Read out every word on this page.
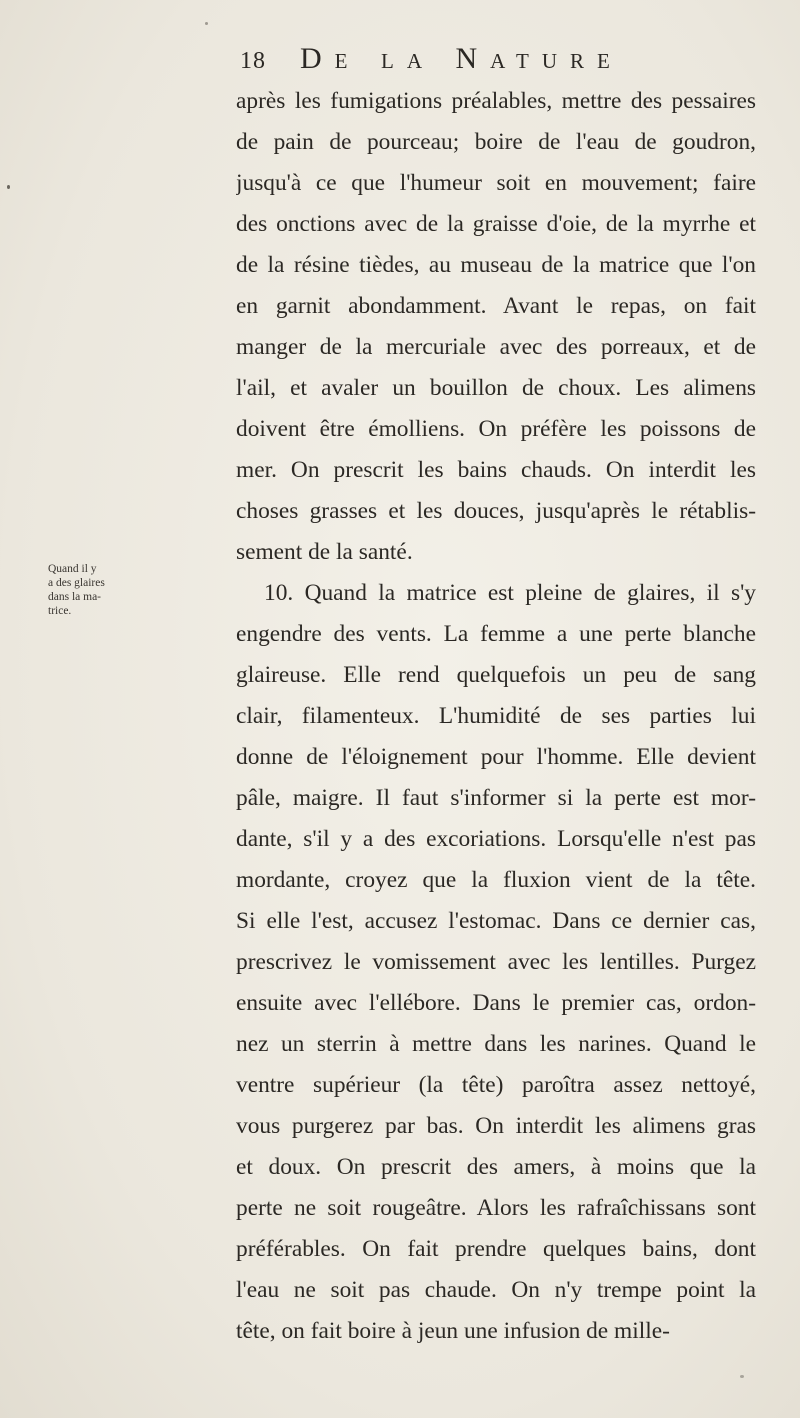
18 De la Nature
Quand il y
a des glaires
dans la ma-
trice.
après les fumigations préalables, mettre des pessaires
de pain de pourceau; boire de l'eau de goudron,
jusqu'à ce que l'humeur soit en mouvement; faire
des onctions avec de la graisse d'oie, de la myrrhe et
de la résine tièdes, au museau de la matrice que l'on
en garnit abondamment. Avant le repas, on fait
manger de la mercuriale avec des porreaux, et de
l'ail, et avaler un bouillon de choux. Les alimens
doivent être émolliens. On préfère les poissons de
mer. On prescrit les bains chauds. On interdit les
choses grasses et les douces, jusqu'après le rétablis-
sement de la santé.
10. Quand la matrice est pleine de glaires, il s'y
engendre des vents. La femme a une perte blanche
glaireuse. Elle rend quelquefois un peu de sang
clair, filamenteux. L'humidité de ses parties lui
donne de l'éloignement pour l'homme. Elle devient
pâle, maigre. Il faut s'informer si la perte est mor-
dante, s'il y a des excoriations. Lorsqu'elle n'est pas
mordante, croyez que la fluxion vient de la tête.
Si elle l'est, accusez l'estomac. Dans ce dernier cas,
prescrivez le vomissement avec les lentilles. Purgez
ensuite avec l'ellébore. Dans le premier cas, ordon-
nez un sterrin à mettre dans les narines. Quand le
ventre supérieur (la tête) paroîtra assez nettoyé,
vous purgerez par bas. On interdit les alimens gras
et doux. On prescrit des amers, à moins que la
perte ne soit rougeâtre. Alors les rafraîchissans sont
préférables. On fait prendre quelques bains, dont
l'eau ne soit pas chaude. On n'y trempe point la
tête, on fait boire à jeun une infusion de mille-
